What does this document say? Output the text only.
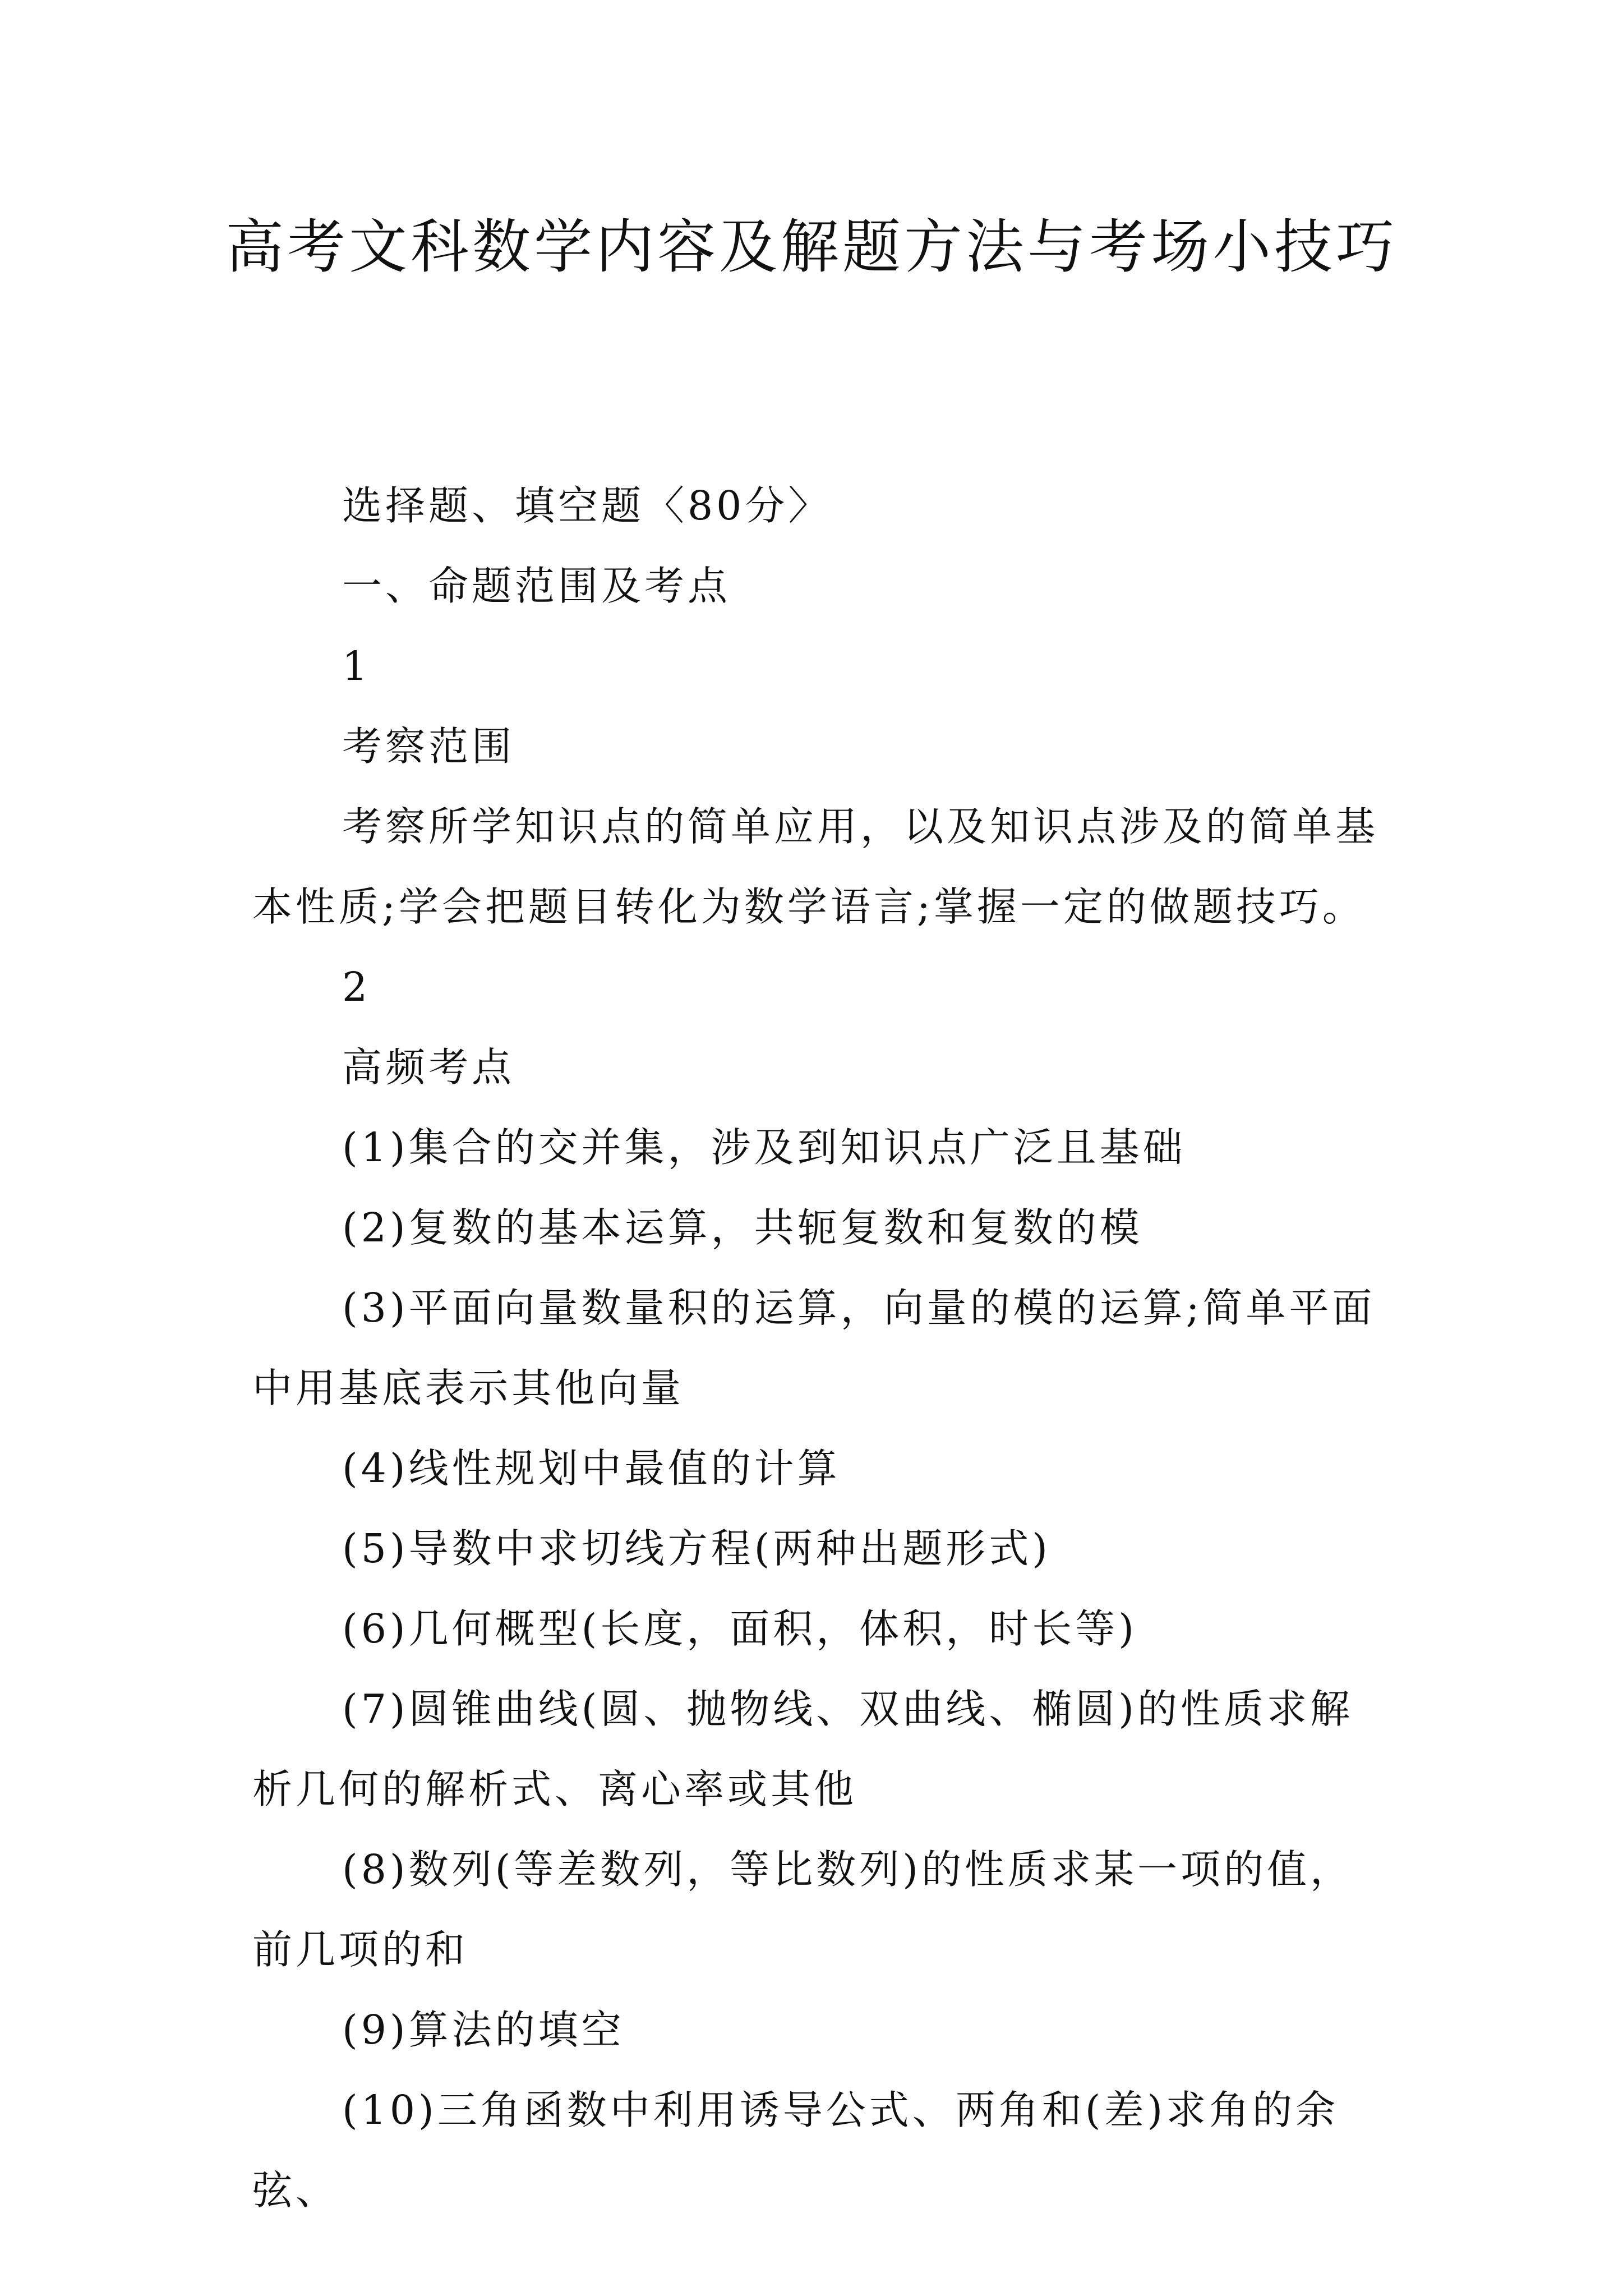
高考文科数学内容及解题方法与考场小技巧

选择题、填空题〈80分〉

一、命题范围及考点

1

考察范围

考察所学知识点的简单应用，以及知识点涉及的简单基本性质;学会把题目转化为数学语言;掌握一定的做题技巧。

2

高频考点

(1)集合的交并集，涉及到知识点广泛且基础

(2)复数的基本运算，共轭复数和复数的模

(3)平面向量数量积的运算，向量的模的运算;简单平面中用基底表示其他向量

(4)线性规划中最值的计算

(5)导数中求切线方程(两种出题形式)

(6)几何概型(长度，面积，体积，时长等)

(7)圆锥曲线(圆、抛物线、双曲线、椭圆)的性质求解析几何的解析式、离心率或其他

(8)数列(等差数列，等比数列)的性质求某一项的值，前几项的和

(9)算法的填空

(10)三角函数中利用诱导公式、两角和(差)求角的余弦、
